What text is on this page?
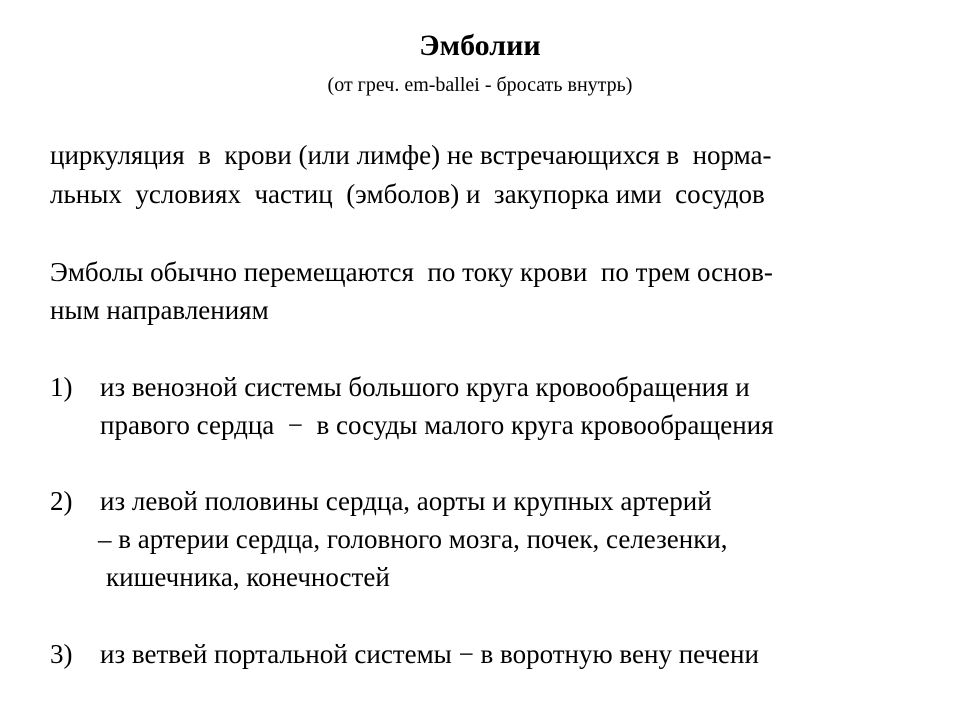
Эмболии
(от греч. em-ballei - бросать внутрь)
циркуляция  в  крови (или лимфе) не встречающихся в  норма-
льных  условиях  частиц  (эмболов) и  закупорка ими  сосудов
Эмболы обычно перемещаются  по току крови  по трем основ-
ным направлениям
1) из венозной системы большого круга кровообращения и
правого сердца  −  в сосуды малого круга кровообращения
2) из левой половины сердца, аорты и крупных артерий
– в артерии сердца, головного мозга, почек, селезенки,
кишечника, конечностей
3) из ветвей портальной системы − в воротную вену печени
